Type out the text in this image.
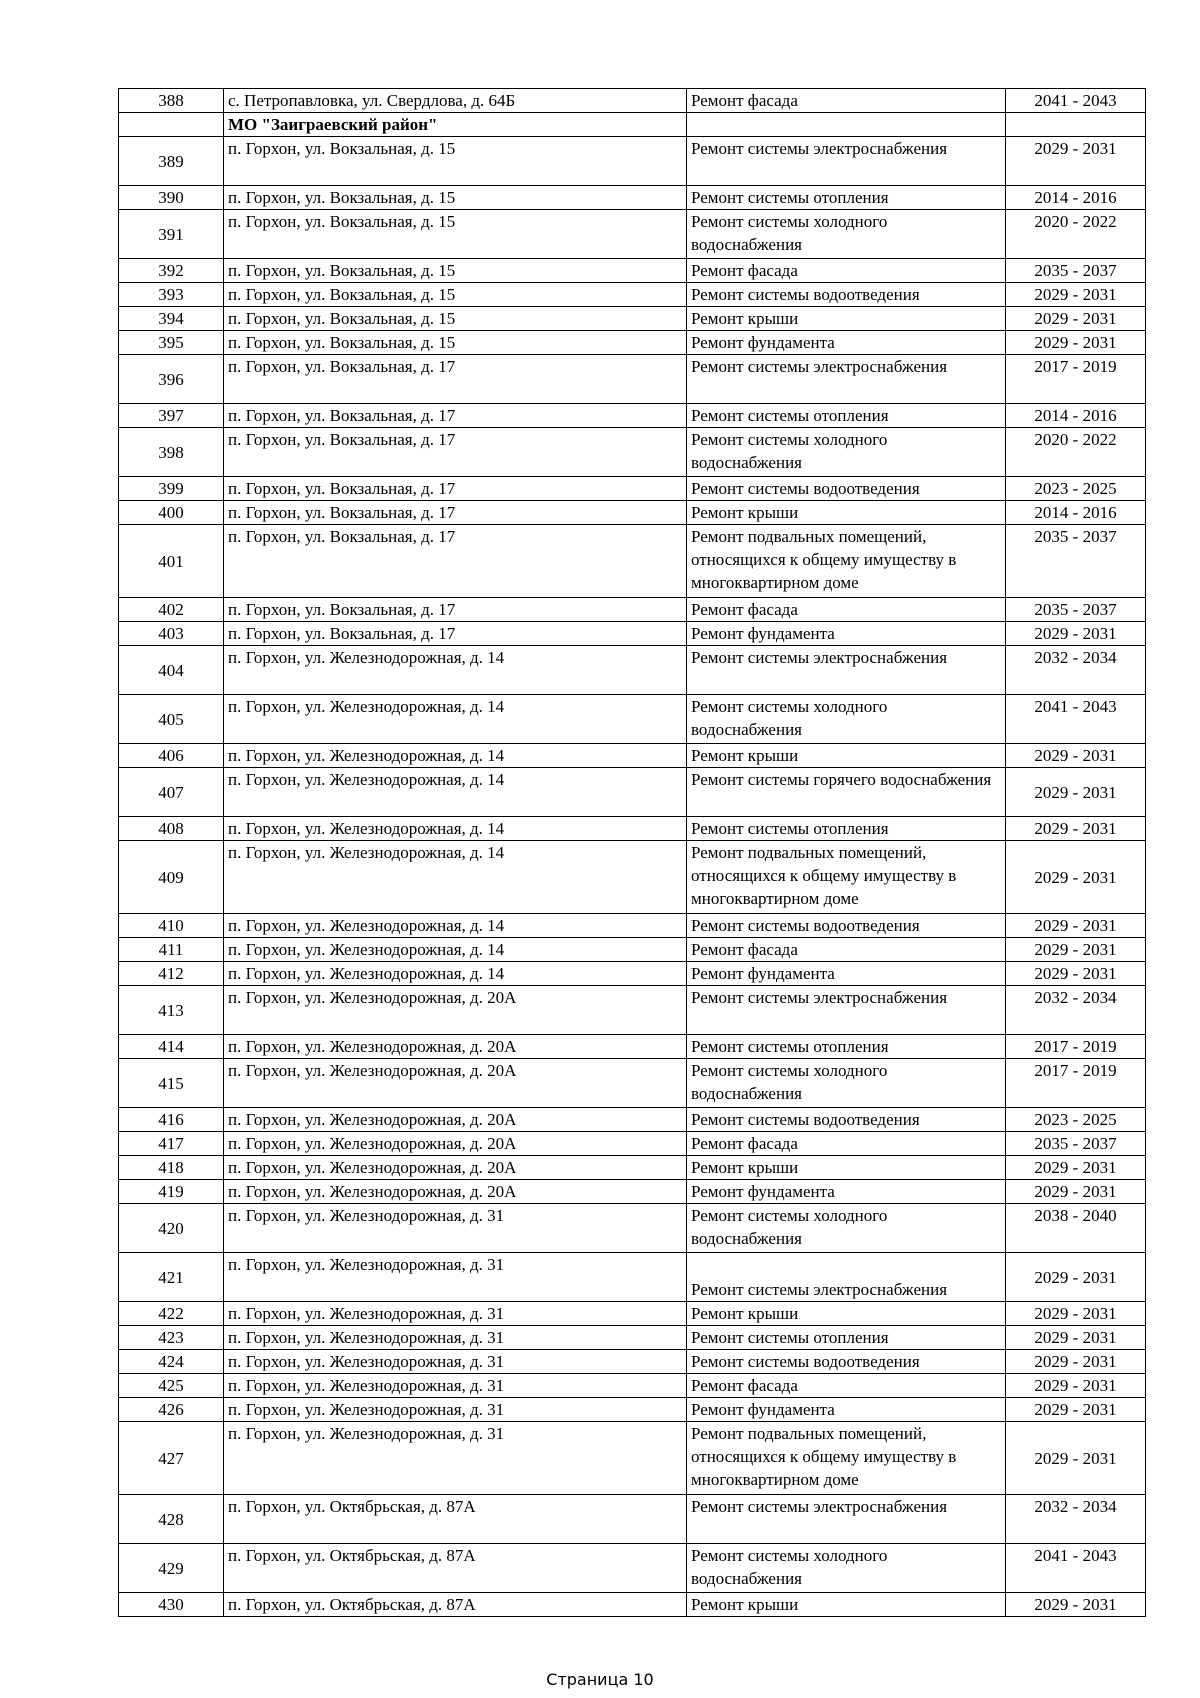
388	с. Петропавловка, ул. Свердлова, д. 64Б	Ремонт фасада	2041 - 2043
	МО "Заиграевский район"		
389	п. Горхон, ул. Вокзальная, д. 15	Ремонт системы электроснабжения	2029 - 2031
390	п. Горхон, ул. Вокзальная, д. 15	Ремонт системы отопления	2014 - 2016
391	п. Горхон, ул. Вокзальная, д. 15	Ремонт системы холодного водоснабжения	2020 - 2022
392	п. Горхон, ул. Вокзальная, д. 15	Ремонт фасада	2035 - 2037
393	п. Горхон, ул. Вокзальная, д. 15	Ремонт системы водоотведения	2029 - 2031
394	п. Горхон, ул. Вокзальная, д. 15	Ремонт крыши	2029 - 2031
395	п. Горхон, ул. Вокзальная, д. 15	Ремонт фундамента	2029 - 2031
396	п. Горхон, ул. Вокзальная, д. 17	Ремонт системы электроснабжения	2017 - 2019
397	п. Горхон, ул. Вокзальная, д. 17	Ремонт системы отопления	2014 - 2016
398	п. Горхон, ул. Вокзальная, д. 17	Ремонт системы холодного водоснабжения	2020 - 2022
399	п. Горхон, ул. Вокзальная, д. 17	Ремонт системы водоотведения	2023 - 2025
400	п. Горхон, ул. Вокзальная, д. 17	Ремонт крыши	2014 - 2016
401	п. Горхон, ул. Вокзальная, д. 17	Ремонт подвальных помещений, относящихся к общему имуществу в многоквартирном доме	2035 - 2037
402	п. Горхон, ул. Вокзальная, д. 17	Ремонт фасада	2035 - 2037
403	п. Горхон, ул. Вокзальная, д. 17	Ремонт фундамента	2029 - 2031
404	п. Горхон, ул. Железнодорожная, д. 14	Ремонт системы электроснабжения	2032 - 2034
405	п. Горхон, ул. Железнодорожная, д. 14	Ремонт системы холодного водоснабжения	2041 - 2043
406	п. Горхон, ул. Железнодорожная, д. 14	Ремонт крыши	2029 - 2031
407	п. Горхон, ул. Железнодорожная, д. 14	Ремонт системы горячего водоснабжения	2029 - 2031
408	п. Горхон, ул. Железнодорожная, д. 14	Ремонт системы отопления	2029 - 2031
409	п. Горхон, ул. Железнодорожная, д. 14	Ремонт подвальных помещений, относящихся к общему имуществу в многоквартирном доме	2029 - 2031
410	п. Горхон, ул. Железнодорожная, д. 14	Ремонт системы водоотведения	2029 - 2031
411	п. Горхон, ул. Железнодорожная, д. 14	Ремонт фасада	2029 - 2031
412	п. Горхон, ул. Железнодорожная, д. 14	Ремонт фундамента	2029 - 2031
413	п. Горхон, ул. Железнодорожная, д. 20А	Ремонт системы электроснабжения	2032 - 2034
414	п. Горхон, ул. Железнодорожная, д. 20А	Ремонт системы отопления	2017 - 2019
415	п. Горхон, ул. Железнодорожная, д. 20А	Ремонт системы холодного водоснабжения	2017 - 2019
416	п. Горхон, ул. Железнодорожная, д. 20А	Ремонт системы водоотведения	2023 - 2025
417	п. Горхон, ул. Железнодорожная, д. 20А	Ремонт фасада	2035 - 2037
418	п. Горхон, ул. Железнодорожная, д. 20А	Ремонт крыши	2029 - 2031
419	п. Горхон, ул. Железнодорожная, д. 20А	Ремонт фундамента	2029 - 2031
420	п. Горхон, ул. Железнодорожная, д. 31	Ремонт системы холодного водоснабжения	2038 - 2040
421	п. Горхон, ул. Железнодорожная, д. 31	Ремонт системы электроснабжения	2029 - 2031
422	п. Горхон, ул. Железнодорожная, д. 31	Ремонт крыши	2029 - 2031
423	п. Горхон, ул. Железнодорожная, д. 31	Ремонт системы отопления	2029 - 2031
424	п. Горхон, ул. Железнодорожная, д. 31	Ремонт системы водоотведения	2029 - 2031
425	п. Горхон, ул. Железнодорожная, д. 31	Ремонт фасада	2029 - 2031
426	п. Горхон, ул. Железнодорожная, д. 31	Ремонт фундамента	2029 - 2031
427	п. Горхон, ул. Железнодорожная, д. 31	Ремонт подвальных помещений, относящихся к общему имуществу в многоквартирном доме	2029 - 2031
428	п. Горхон, ул. Октябрьская, д. 87А	Ремонт системы электроснабжения	2032 - 2034
429	п. Горхон, ул. Октябрьская, д. 87А	Ремонт системы холодного водоснабжения	2041 - 2043
430	п. Горхон, ул. Октябрьская, д. 87А	Ремонт крыши	2029 - 2031
Страница 10
